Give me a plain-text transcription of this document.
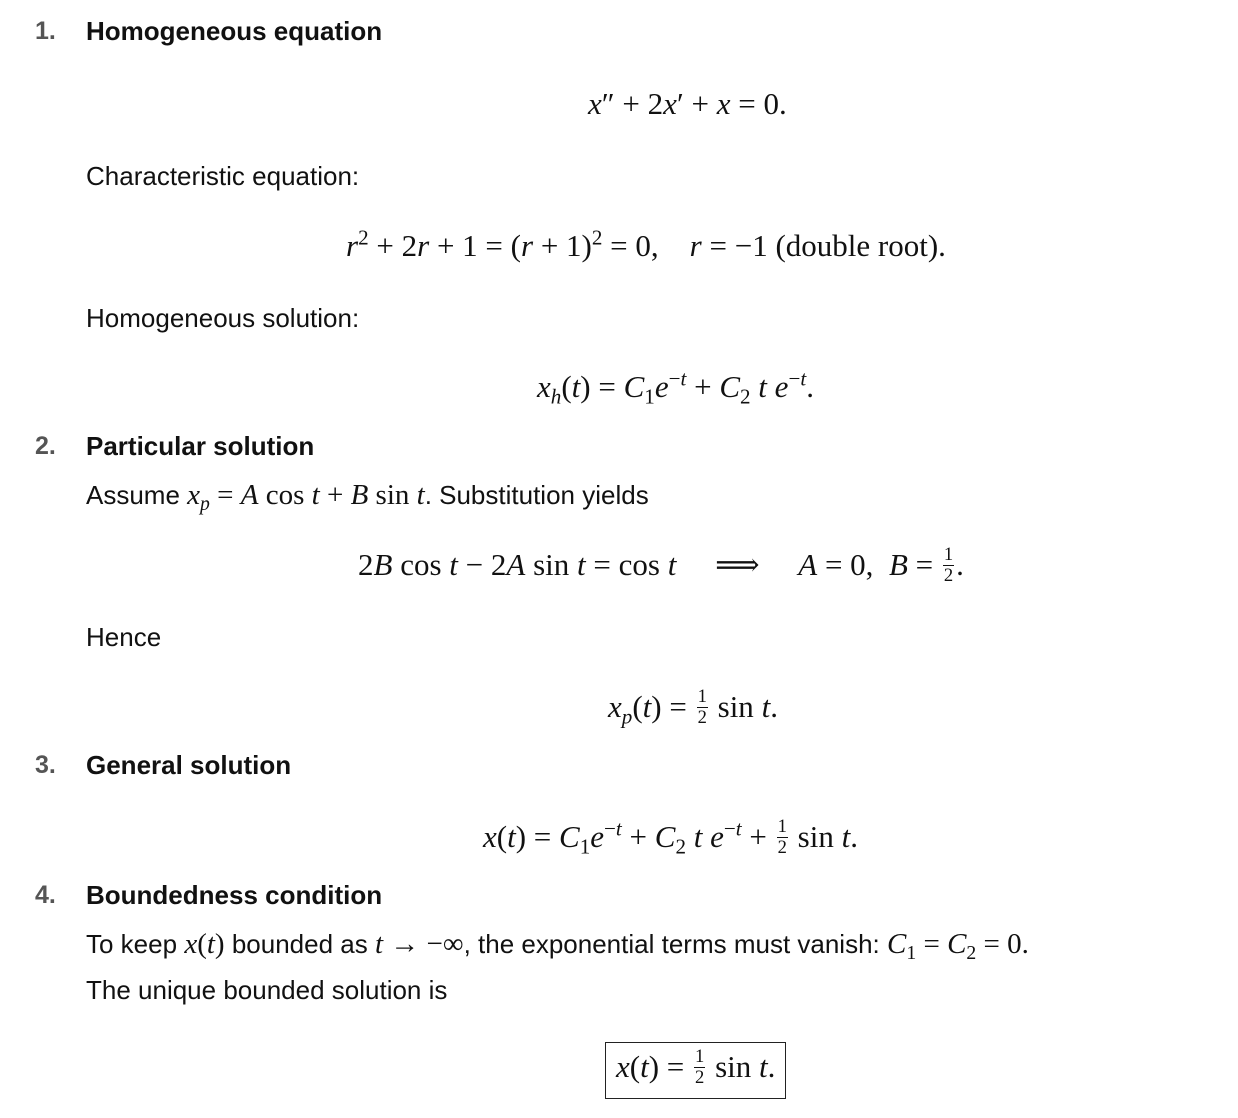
1. Homogeneous equation
x″ + 2x′ + x = 0.
Characteristic equation:
$r^2 + 2r + 1 = (r + 1)^2 = 0$,    r = −1 (double root).
Homogeneous solution:
$x_h(t) = C_1e^{-t} + C_2$ t $e^{-t}$.
2. Particular solution
Assume $x_p = A$ cos t + B sin t. Substitution yields
2B cos t − 2A sin t = cos t     ⟹     A = 0,  $B = \frac{1}{2}$ .
Hence
$x_p(t) = \frac{1}{2}$ sin t.
3. General solution
$x(t) = C_1e^{-t} + C_2$ t $e^{-t} + \frac{1}{2}$ sin t.
4. Boundedness condition
To keep x(t) bounded as t → −∞, the exponential terms must vanish: $C_1 = C_2 = 0$.
The unique bounded solution is
$x(t) = \frac{1}{2}$ sin t.
